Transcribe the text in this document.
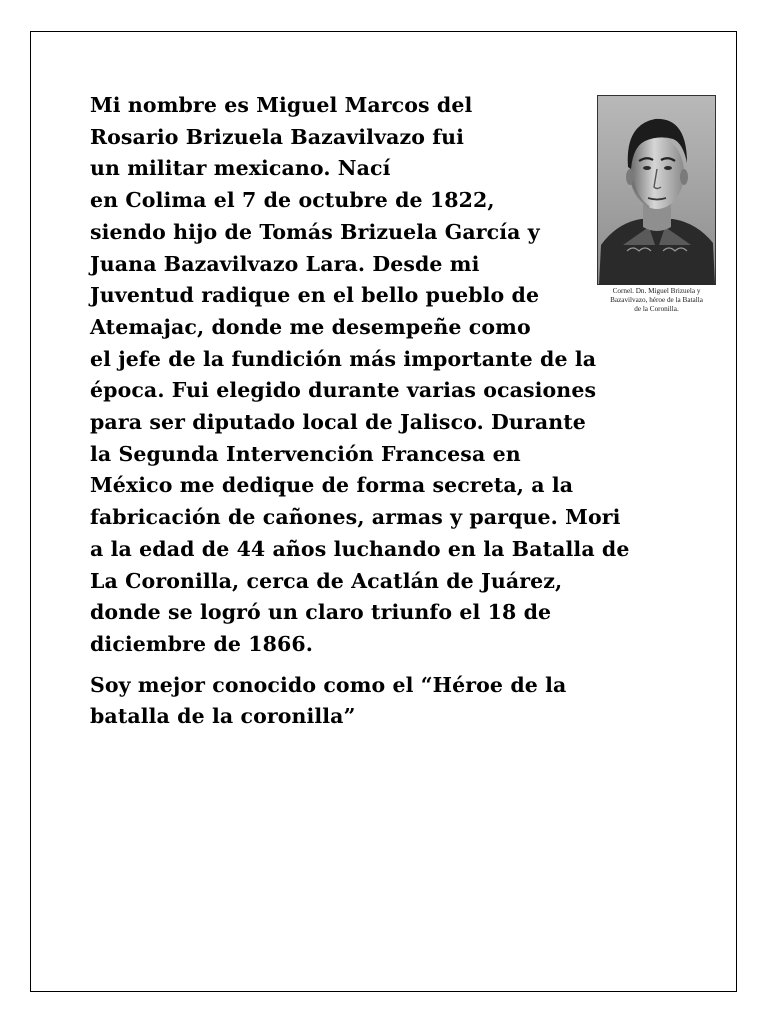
Mi nombre es Miguel Marcos del
Rosario Brizuela Bazavilvazo fui
un militar mexicano. Nací
en Colima el 7 de octubre de 1822,
siendo hijo de Tomás Brizuela García y
Juana Bazavilvazo Lara. Desde mi
Juventud radique en el bello pueblo de
Atemajac, donde me desempeñe como
el jefe de la fundición más importante de la
época. Fui elegido durante varias ocasiones
para ser diputado local de Jalisco. Durante
la Segunda Intervención Francesa en
México me dedique de forma secreta, a la
fabricación de cañones, armas y parque. Mori
a la edad de 44 años luchando en la Batalla de
La Coronilla, cerca de Acatlán de Juárez,
donde se logró un claro triunfo el 18 de
diciembre de 1866.
Soy mejor conocido como el “Héroe de la
batalla de la coronilla”
Cornel. Dn. Miguel Brizuela y
Bazavilvazo, héroe de la Batalla
de la Coronilla.
